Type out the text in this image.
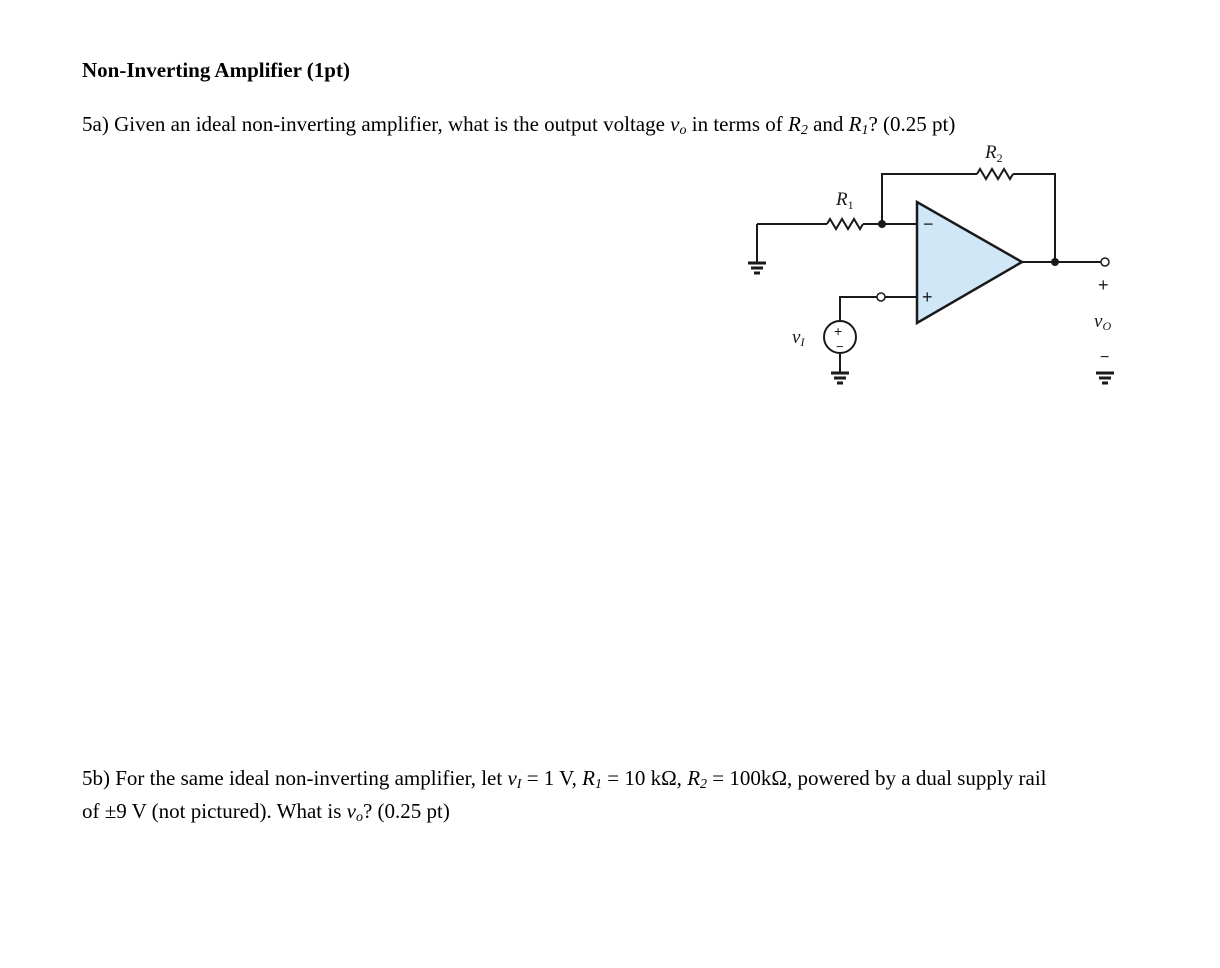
Non-Inverting Amplifier (1pt)
5a) Given an ideal non-inverting amplifier, what is the output voltage $v_o$ in terms of $R_2$ and $R_1$? (0.25 pt)
5b) For the same ideal non-inverting amplifier, let $v_I = 1$ V, $R_1 = 10$ kΩ, $R_2 = 100k\Omega$, powered by a dual supply rail
of ±9 V (not pictured). What is $v_o$? (0.25 pt)
$R_1$
$R_2$
−
+
+
vO
−
+
−
vI
